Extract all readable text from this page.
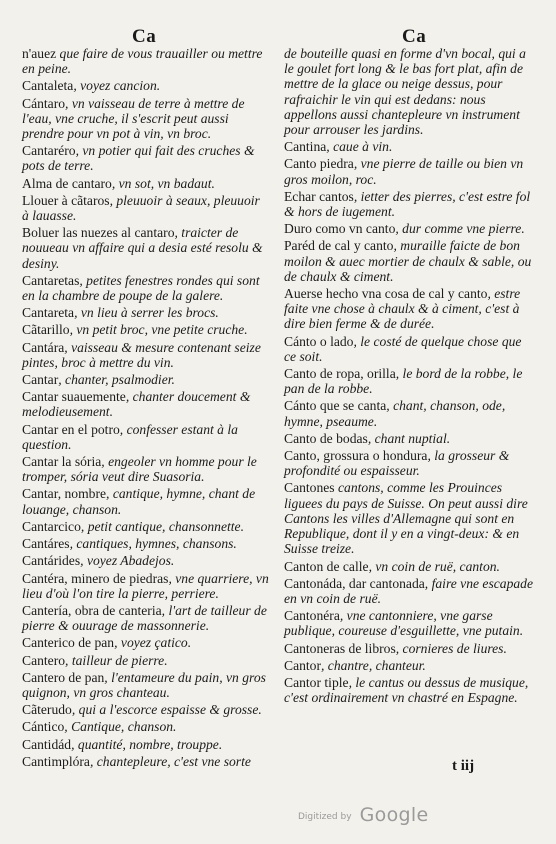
Ca	Ca
n'auez que faire de vous trauailler ou mettre en peine.
Cantaleta, voyez cancion.
Cántaro, vn vaisseau de terre à mettre de l'eau, vne cruche, il s'escrit peut aussi prendre pour vn pot à vin, vn broc.
Cantaréro, vn potier qui fait des cruches & pots de terre.
Alma de cantaro, vn sot, vn badaut.
Llouer à cãtaros, pleuuoir à seaux, pleuuoir à lauasse.
Boluer las nuezes al cantaro, traicter de nouueau vn affaire qui a desia esté resolu & desiny.
Cantaretas, petites fenestres rondes qui sont en la chambre de poupe de la galere.
Cantareta, vn lieu à serrer les brocs.
Cãtarillo, vn petit broc, vne petite cruche.
Cantára, vaisseau & mesure contenant seize pintes, broc à mettre du vin.
Cantar, chanter, psalmodier.
Cantar suauemente, chanter doucement & melodieusement.
Cantar en el potro, confesser estant à la question.
Cantar la sória, engeoler vn homme pour le tromper, sória veut dire Suasoria.
Cantar, nombre, cantique, hymne, chant de louange, chanson.
Cantarcico, petit cantique, chansonnette.
Cantáres, cantiques, hymnes, chansons.
Cantárides, voyez Abadejos.
Cantéra, minero de piedras, vne quarriere, vn lieu d'où l'on tire la pierre, perriere.
Cantería, obra de canteria, l'art de tailleur de pierre & ouurage de massonnerie.
Canterico de pan, voyez çatico.
Cantero, tailleur de pierre.
Cantero de pan, l'entameure du pain, vn gros quignon, vn gros chanteau.
Cãterudo, qui a l'escorce espaisse & grosse.
Cántico, Cantique, chanson.
Cantidád, quantité, nombre, trouppe.
Cantimplóra, chantepleure, c'est vne sorte
de bouteille quasi en forme d'vn bocal, qui a le goulet fort long & le bas fort plat, afin de mettre de la glace ou neige dessus, pour rafraichir le vin qui est dedans: nous appellons aussi chantepleure vn instrument pour arrouser les jardins.
Cantina, caue à vin.
Canto piedra, vne pierre de taille ou bien vn gros moilon, roc.
Echar cantos, ietter des pierres, c'est estre fol & hors de iugement.
Duro como vn canto, dur comme vne pierre.
Paréd de cal y canto, muraille faicte de bon moilon & auec mortier de chaulx & sable, ou de chaulx & ciment.
Auerse hecho vna cosa de cal y canto, estre faite vne chose à chaulx & à ciment, c'est à dire bien ferme & de durée.
Cánto o lado, le costé de quelque chose que ce soit.
Canto de ropa, orilla, le bord de la robbe, le pan de la robbe.
Cánto que se canta, chant, chanson, ode, hymne, pseaume.
Canto de bodas, chant nuptial.
Canto, grossura o hondura, la grosseur & profondité ou espaisseur.
Cantones cantons, comme les Prouinces liguees du pays de Suisse. On peut aussi dire Cantons les villes d'Allemagne qui sont en Republique, dont il y en a vingt-deux: & en Suisse treize.
Canton de calle, vn coin de ruë, canton.
Cantonáda, dar cantonada, faire vne escapade en vn coin de ruë.
Cantonéra, vne cantonniere, vne garse publique, coureuse d'esguillette, vne putain.
Cantoneras de libros, cornieres de liures.
Cantor, chantre, chanteur.
Cantor tiple, le cantus ou dessus de musique, c'est ordinairement vn chastré en Espagne.
t iij
Digitized by Google
